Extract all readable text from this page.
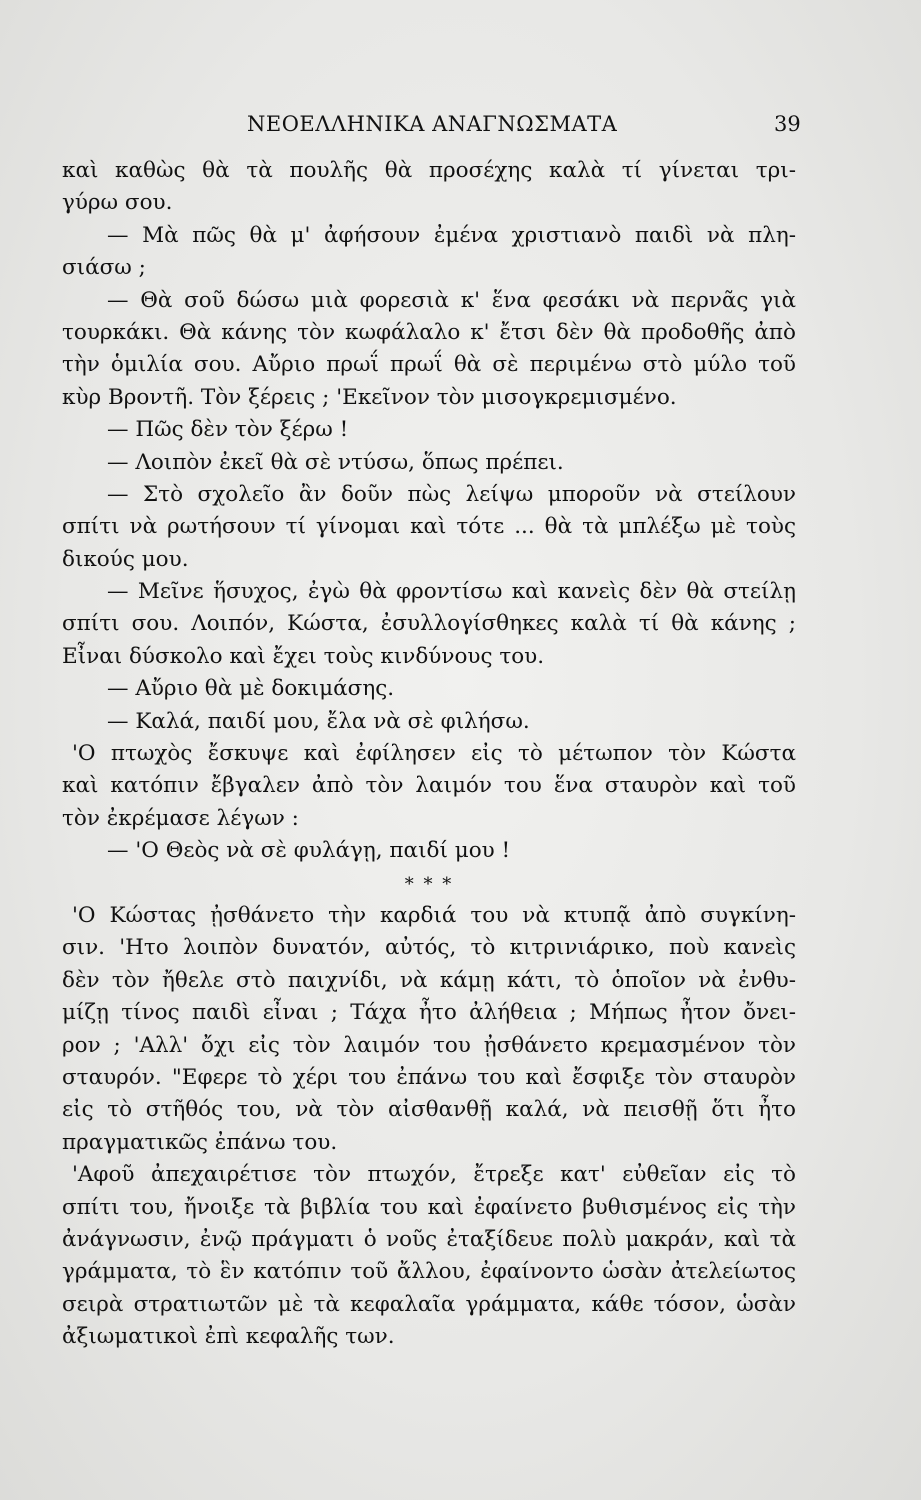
ΝΕΟΕΛΛΗΝΙΚΑ ΑΝΑΓΝΩΣΜΑΤΑ	39
καὶ καθὼς θὰ τὰ πουλῆς θὰ προσέχης καλὰ τί γίνεται τρι-
γύρω σου.
— Μὰ πῶς θὰ μ' ἀφήσουν ἐμένα χριστιανὸ παιδὶ νὰ πλη-
σιάσω ;
— Θὰ σοῦ δώσω μιὰ φορεσιὰ κ' ἕνα φεσάκι νὰ περνᾶς γιὰ
τουρκάκι. Θὰ κάνης τὸν κωφάλαλο κ' ἔτσι δὲν θὰ προδοθῆς ἀπὸ
τὴν ὁμιλία σου. Αὔριο πρωΐ πρωΐ θὰ σὲ περιμένω στὸ μύλο τοῦ
κὺρ Βροντῆ. Τὸν ξέρεις ; 'Εκεῖνον τὸν μισογκρεμισμένο.
— Πῶς δὲν τὸν ξέρω !
— Λοιπὸν ἐκεῖ θὰ σὲ ντύσω, ὅπως πρέπει.
— Στὸ σχολεῖο ἂν δοῦν πὼς λείψω μποροῦν νὰ στείλουν
σπίτι νὰ ρωτήσουν τί γίνομαι καὶ τότε ... θὰ τὰ μπλέξω μὲ τοὺς
δικούς μου.
— Μεῖνε ἥσυχος, ἐγὼ θὰ φροντίσω καὶ κανεὶς δὲν θὰ στείλῃ
σπίτι σου. Λοιπόν, Κώστα, ἐσυλλογίσθηκες καλὰ τί θὰ κάνης ;
Εἶναι δύσκολο καὶ ἔχει τοὺς κινδύνους του.
— Αὔριο θὰ μὲ δοκιμάσης.
— Καλά, παιδί μου, ἔλα νὰ σὲ φιλήσω.
'Ο πτωχὸς ἔσκυψε καὶ ἐφίλησεν εἰς τὸ μέτωπον τὸν Κώστα
καὶ κατόπιν ἔβγαλεν ἀπὸ τὸν λαιμόν του ἕνα σταυρὸν καὶ τοῦ
τὸν ἐκρέμασε λέγων :
— 'Ο Θεὸς νὰ σὲ φυλάγῃ, παιδί μου !
* * *
'Ο Κώστας ᾐσθάνετο τὴν καρδιά του νὰ κτυπᾷ ἀπὸ συγκίνη-
σιν. 'Ητο λοιπὸν δυνατόν, αὐτός, τὸ κιτρινιάρικο, ποὺ κανεὶς
δὲν τὸν ἤθελε στὸ παιχνίδι, νὰ κάμῃ κάτι, τὸ ὁποῖον νὰ ἐνθυ-
μίζῃ τίνος παιδὶ εἶναι ; Τάχα ἦτο ἀλήθεια ; Μήπως ἦτον ὄνει-
ρον ; 'Αλλ' ὄχι εἰς τὸν λαιμόν του ᾐσθάνετο κρεμασμένον τὸν
σταυρόν. "Εφερε τὸ χέρι του ἐπάνω του καὶ ἔσφιξε τὸν σταυρὸν
εἰς τὸ στῆθός του, νὰ τὸν αἰσθανθῇ καλά, νὰ πεισθῇ ὅτι ἦτο
πραγματικῶς ἐπάνω του.
'Αφοῦ ἀπεχαιρέτισε τὸν πτωχόν, ἔτρεξε κατ' εὐθεῖαν εἰς τὸ
σπίτι του, ἤνοιξε τὰ βιβλία του καὶ ἐφαίνετο βυθισμένος εἰς τὴν
ἀνάγνωσιν, ἐνῷ πράγματι ὁ νοῦς ἐταξίδευε πολὺ μακράν, καὶ τὰ
γράμματα, τὸ ἓν κατόπιν τοῦ ἄλλου, ἐφαίνοντο ὡσὰν ἀτελείωτος
σειρὰ στρατιωτῶν μὲ τὰ κεφαλαῖα γράμματα, κάθε τόσον, ὡσὰν
ἀξιωματικοὶ ἐπὶ κεφαλῆς των.
